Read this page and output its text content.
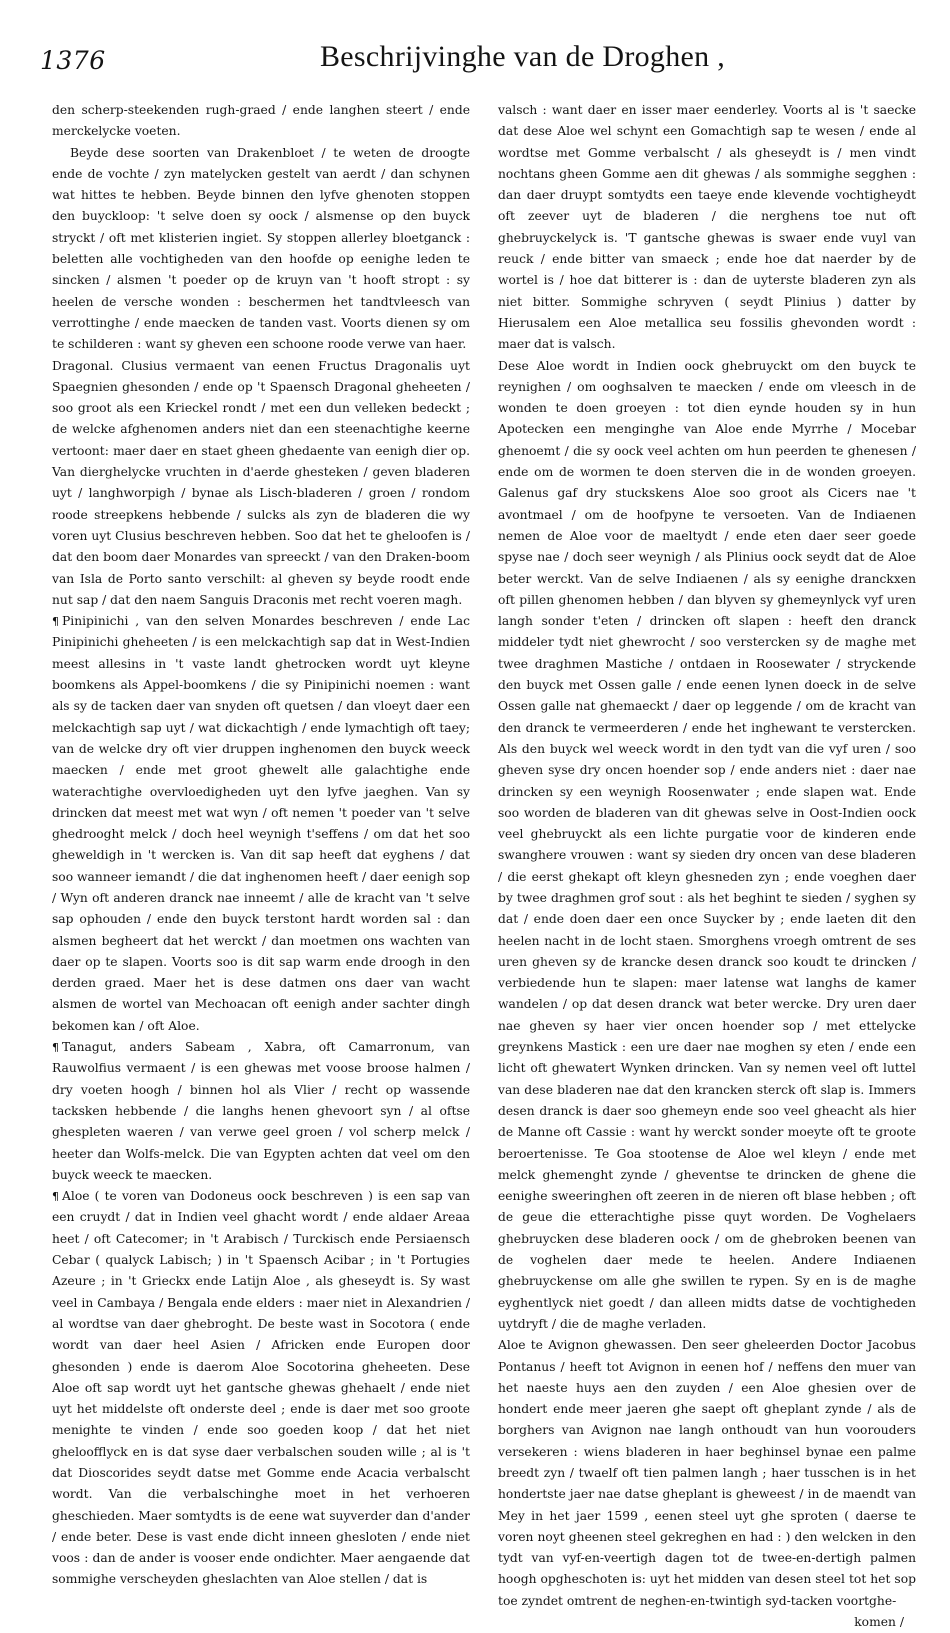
1376	Beschrijvinghe van de Droghen ,

den scherp-steekenden rugh-graed / ende langhen steert / ende merckelycke voeten.

Beyde dese soorten van Drakenbloet / te weten de droogte ende de vochte / zyn matelycken gestelt van aerdt / dan schynen wat hittes te hebben. Beyde binnen den lyfve ghenoten stoppen den buyckloop: 't selve doen sy oock / alsmense op den buyck stryckt / oft met klisterien ingiet. Sy stoppen allerley bloetganck : beletten alle vochtigheden van den hoofde op eenighe leden te sincken / alsmen 't poeder op de kruyn van 't hooft stropt : sy heelen de versche wonden : beschermen het tandtvleesch van verrottinghe / ende maecken de tanden vast. Voorts dienen sy om te schilderen : want sy gheven een schoone roode verwe van haer.

Dragonal. Clusius vermaent van eenen Fructus Dragonalis uyt Spaegnien ghesonden / ende op 't Spaensch Dragonal gheheeten / soo groot als een Krieckel rondt / met een dun velleken bedeckt ; de welcke afghenomen anders niet dan een steenachtighe keerne vertoont: maer daer en staet gheen ghedaente van eenigh dier op. Van dierghelycke vruchten in d'aerde ghesteken / geven bladeren uyt / langhworpigh / bynae als Lisch-bladeren / groen / rondom roode streepkens hebbende / sulcks als zyn de bladeren die wy voren uyt Clusius beschreven hebben. Soo dat het te gheloofen is / dat den boom daer Monardes van spreeckt / van den Draken-boom van Isla de Porto santo verschilt: al gheven sy beyde roodt ende nut sap / dat den naem Sanguis Draconis met recht voeren magh.

¶ Pinipinichi , van den selven Monardes beschreven / ende Lac Pinipinichi gheheeten / is een melckachtigh sap dat in West-Indien meest allesins in 't vaste landt ghetrocken wordt uyt kleyne boomkens als Appel-boomkens / die sy Pinipinichi noemen : want als sy de tacken daer van snyden oft quetsen / dan vloeyt daer een melckachtigh sap uyt / wat dickachtigh / ende lymachtigh oft taey; van de welcke dry oft vier druppen inghenomen den buyck weeck maecken / ende met groot ghewelt alle galachtighe ende waterachtighe overvloedigheden uyt den lyfve jaeghen. Van sy drincken dat meest met wat wyn / oft nemen 't poeder van 't selve ghedrooght melck / doch heel weynigh t'seffens / om dat het soo gheweldigh in 't wercken is. Van dit sap heeft dat eyghens / dat soo wanneer iemandt / die dat inghenomen heeft / daer eenigh sop / Wyn oft anderen dranck nae inneemt / alle de kracht van 't selve sap ophouden / ende den buyck terstont hardt worden sal : dan alsmen begheert dat het werckt / dan moetmen ons wachten van daer op te slapen. Voorts soo is dit sap warm ende droogh in den derden graed. Maer het is dese datmen ons daer van wacht alsmen de wortel van Mechoacan oft eenigh ander sachter dingh bekomen kan / oft Aloe.

¶ Tanagut, anders Sabeam , Xabra, oft Camarronum, van Rauwolfius vermaent / is een ghewas met voose broose halmen / dry voeten hoogh / binnen hol als Vlier / recht op wassende tacksken hebbende / die langhs henen ghevoort syn / al oftse ghespleten waeren / van verwe geel groen / vol scherp melck / heeter dan Wolfs-melck. Die van Egypten achten dat veel om den buyck weeck te maecken.

¶ Aloe ( te voren van Dodoneus oock beschreven ) is een sap van een cruydt / dat in Indien veel ghacht wordt / ende aldaer Areaa heet / oft Catecomer; in 't Arabisch / Turckisch ende Persiaensch Cebar ( qualyck Labisch; ) in 't Spaensch Acibar ; in 't Portugies Azeure ; in 't Grieckx ende Latijn Aloe , als gheseydt is. Sy wast veel in Cambaya / Bengala ende elders : maer niet in Alexandrien / al wordtse van daer ghebroght. De beste wast in Socotora ( ende wordt van daer heel Asien / Africken ende Europen door ghesonden ) ende is daerom Aloe Socotorina gheheeten. Dese Aloe oft sap wordt uyt het gantsche ghewas ghehaelt / ende niet uyt het middelste oft onderste deel ; ende is daer met soo groote menighte te vinden / ende soo goeden koop / dat het niet gheloofflyck en is dat syse daer verbalschen souden wille ; al is 't dat Dioscorides seydt datse met Gomme ende Acacia verbalscht wordt. Van die verbalschinghe moet in het verhoeren gheschieden. Maer somtydts is de eene wat suyverder dan d'ander / ende beter. Dese is vast ende dicht inneen ghesloten / ende niet voos : dan de ander is vooser ende ondichter. Maer aengaende dat sommighe verscheyden gheslachten van Aloe stellen / dat is

valsch : want daer en isser maer eenderley. Voorts al is 't saecke dat dese Aloe wel schynt een Gomachtigh sap te wesen / ende al wordtse met Gomme verbalscht / als gheseydt is / men vindt nochtans gheen Gomme aen dit ghewas / als sommighe segghen : dan daer druypt somtydts een taeye ende klevende vochtigheydt oft zeever uyt de bladeren / die nerghens toe nut oft ghebruyckelyck is. 'T gantsche ghewas is swaer ende vuyl van reuck / ende bitter van smaeck ; ende hoe dat naerder by de wortel is / hoe dat bitterer is : dan de uyterste bladeren zyn als niet bitter. Sommighe schryven ( seydt Plinius ) datter by Hierusalem een Aloe metallica seu fossilis ghevonden wordt : maer dat is valsch.

Dese Aloe wordt in Indien oock ghebruyckt om den buyck te reynighen / om ooghsalven te maecken / ende om vleesch in de wonden te doen groeyen : tot dien eynde houden sy in hun Apotecken een menginghe van Aloe ende Myrrhe / Mocebar ghenoemt / die sy oock veel achten om hun peerden te ghenesen / ende om de wormen te doen sterven die in de wonden groeyen. Galenus gaf dry stuckskens Aloe soo groot als Cicers nae 't avontmael / om de hoofpyne te versoeten. Van de Indiaenen nemen de Aloe voor de maeltydt / ende eten daer seer goede spyse nae / doch seer weynigh / als Plinius oock seydt dat de Aloe beter werckt. Van de selve Indiaenen / als sy eenighe dranckxen oft pillen ghenomen hebben / dan blyven sy ghemeynlyck vyf uren langh sonder t'eten / drincken oft slapen : heeft den dranck middeler tydt niet ghewrocht / soo verstercken sy de maghe met twee draghmen Mastiche / ontdaen in Roosewater / stryckende den buyck met Ossen galle / ende eenen lynen doeck in de selve Ossen galle nat ghemaeckt / daer op leggende / om de kracht van den dranck te vermeerderen / ende het inghewant te verstercken. Als den buyck wel weeck wordt in den tydt van die vyf uren / soo gheven syse dry oncen hoender sop / ende anders niet : daer nae drincken sy een weynigh Roosenwater ; ende slapen wat. Ende soo worden de bladeren van dit ghewas selve in Oost-Indien oock veel ghebruyckt als een lichte purgatie voor de kinderen ende swanghere vrouwen : want sy sieden dry oncen van dese bladeren / die eerst ghekapt oft kleyn ghesneden zyn ; ende voeghen daer by twee draghmen grof sout : als het beghint te sieden / syghen sy dat / ende doen daer een once Suycker by ; ende laeten dit den heelen nacht in de locht staen. Smorghens vroegh omtrent de ses uren gheven sy de krancke desen dranck soo koudt te drincken / verbiedende hun te slapen: maer latense wat langhs de kamer wandelen / op dat desen dranck wat beter wercke. Dry uren daer nae gheven sy haer vier oncen hoender sop / met ettelycke greynkens Mastick : een ure daer nae moghen sy eten / ende een licht oft ghewatert Wynken drincken. Van sy nemen veel oft luttel van dese bladeren nae dat den krancken sterck oft slap is. Immers desen dranck is daer soo ghemeyn ende soo veel gheacht als hier de Manne oft Cassie : want hy werckt sonder moeyte oft te groote beroertenisse. Te Goa stootense de Aloe wel kleyn / ende met melck ghemenght zynde / gheventse te drincken de ghene die eenighe sweeringhen oft zeeren in de nieren oft blase hebben ; oft de geue die etterachtighe pisse quyt worden. De Voghelaers ghebruycken dese bladeren oock / om de ghebroken beenen van de voghelen daer mede te heelen. Andere Indiaenen ghebruyckense om alle ghe swillen te rypen. Sy en is de maghe eyghentlyck niet goedt / dan alleen midts datse de vochtigheden uytdryft / die de maghe verladen.

Aloe te Avignon ghewassen. Den seer gheleerden Doctor Jacobus Pontanus / heeft tot Avignon in eenen hof / neffens den muer van het naeste huys aen den zuyden / een Aloe ghesien over de hondert ende meer jaeren ghe saept oft gheplant zynde / als de borghers van Avignon nae langh onthoudt van hun voorouders versekeren : wiens bladeren in haer beghinsel bynae een palme breedt zyn / twaelf oft tien palmen langh ; haer tusschen is in het hondertste jaer nae datse gheplant is gheweest / in de maendt van Mey in het jaer 1599 , eenen steel uyt ghe sproten ( daerse te voren noyt gheenen steel gekreghen en had : ) den welcken in den tydt van vyf-en-veertigh dagen tot de twee-en-dertigh palmen hoogh opgheschoten is: uyt het midden van desen steel tot het sop toe zyndet omtrent de neghen-en-twintigh syd-tacken voortghe-

komen /
